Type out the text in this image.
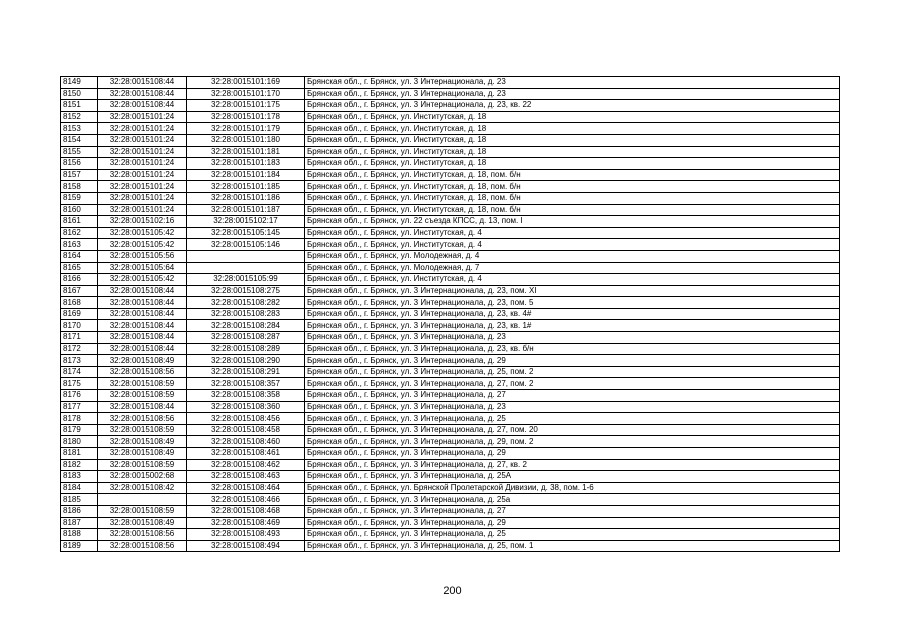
8149	32:28:0015108:44	32:28:0015101:169	Брянская обл., г. Брянск, ул. 3 Интернационала, д. 23
8150	32:28:0015108:44	32:28:0015101:170	Брянская обл., г. Брянск, ул. 3 Интернационала, д. 23
8151	32:28:0015108:44	32:28:0015101:175	Брянская обл., г. Брянск, ул. 3 Интернационала, д. 23, кв. 22
8152	32:28:0015101:24	32:28:0015101:178	Брянская обл., г. Брянск, ул. Институтская, д. 18
8153	32:28:0015101:24	32:28:0015101:179	Брянская обл., г. Брянск, ул. Институтская, д. 18
8154	32:28:0015101:24	32:28:0015101:180	Брянская обл., г. Брянск, ул. Институтская, д. 18
8155	32:28:0015101:24	32:28:0015101:181	Брянская обл., г. Брянск, ул. Институтская, д. 18
8156	32:28:0015101:24	32:28:0015101:183	Брянская обл., г. Брянск, ул. Институтская, д. 18
8157	32:28:0015101:24	32:28:0015101:184	Брянская обл., г. Брянск, ул. Институтская, д. 18, пом. б/н
8158	32:28:0015101:24	32:28:0015101:185	Брянская обл., г. Брянск, ул. Институтская, д. 18, пом. б/н
8159	32:28:0015101:24	32:28:0015101:186	Брянская обл., г. Брянск, ул. Институтская, д. 18, пом. б/н
8160	32:28:0015101:24	32:28:0015101:187	Брянская обл., г. Брянск, ул. Институтская, д. 18, пом. б/н
8161	32:28:0015102:16	32:28:0015102:17	Брянская обл., г. Брянск, ул. 22 съезда КПСС, д. 13, пом. I
8162	32:28:0015105:42	32:28:0015105:145	Брянская обл., г. Брянск, ул. Институтская, д. 4
8163	32:28:0015105:42	32:28:0015105:146	Брянская обл., г. Брянск, ул. Институтская, д. 4
8164	32:28:0015105:56		Брянская обл., г. Брянск, ул. Молодежная, д. 4
8165	32:28:0015105:64		Брянская обл., г. Брянск, ул. Молодежная, д. 7
8166	32:28:0015105:42	32:28:0015105:99	Брянская обл., г. Брянск, ул. Институтская, д. 4
8167	32:28:0015108:44	32:28:0015108:275	Брянская обл., г. Брянск, ул. 3 Интернационала, д. 23, пом. XI
8168	32:28:0015108:44	32:28:0015108:282	Брянская обл., г. Брянск, ул. 3 Интернационала, д. 23, пом. 5
8169	32:28:0015108:44	32:28:0015108:283	Брянская обл., г. Брянск, ул. 3 Интернационала, д. 23, кв. 4#
8170	32:28:0015108:44	32:28:0015108:284	Брянская обл., г. Брянск, ул. 3 Интернационала, д. 23, кв. 1#
8171	32:28:0015108:44	32:28:0015108:287	Брянская обл., г. Брянск, ул. 3 Интернационала, д. 23
8172	32:28:0015108:44	32:28:0015108:289	Брянская обл., г. Брянск, ул. 3 Интернационала, д. 23, кв. б/н
8173	32:28:0015108:49	32:28:0015108:290	Брянская обл., г. Брянск, ул. 3 Интернационала, д. 29
8174	32:28:0015108:56	32:28:0015108:291	Брянская обл., г. Брянск, ул. 3 Интернационала, д. 25, пом. 2
8175	32:28:0015108:59	32:28:0015108:357	Брянская обл., г. Брянск, ул. 3 Интернационала, д. 27, пом. 2
8176	32:28:0015108:59	32:28:0015108:358	Брянская обл., г. Брянск, ул. 3 Интернационала, д. 27
8177	32:28:0015108:44	32:28:0015108:360	Брянская обл., г. Брянск, ул. 3 Интернационала, д. 23
8178	32:28:0015108:56	32:28:0015108:456	Брянская обл., г. Брянск, ул. 3 Интернационала, д. 25
8179	32:28:0015108:59	32:28:0015108:458	Брянская обл., г. Брянск, ул. 3 Интернационала, д. 27, пом. 20
8180	32:28:0015108:49	32:28:0015108:460	Брянская обл., г. Брянск, ул. 3 Интернационала, д. 29, пом. 2
8181	32:28:0015108:49	32:28:0015108:461	Брянская обл., г. Брянск, ул. 3 Интернационала, д. 29
8182	32:28:0015108:59	32:28:0015108:462	Брянская обл., г. Брянск, ул. 3 Интернационала, д. 27, кв. 2
8183	32:28:0015002:68	32:28:0015108:463	Брянская обл., г. Брянск, ул. 3 Интернационала, д. 25А
8184	32:28:0015108:42	32:28:0015108:464	Брянская обл., г. Брянск, ул. Брянской Пролетарской Дивизии, д. 38, пом. 1-6
8185		32:28:0015108:466	Брянская обл., г. Брянск, ул. 3 Интернационала, д. 25а
8186	32:28:0015108:59	32:28:0015108:468	Брянская обл., г. Брянск, ул. 3 Интернационала, д. 27
8187	32:28:0015108:49	32:28:0015108:469	Брянская обл., г. Брянск, ул. 3 Интернационала, д. 29
8188	32:28:0015108:56	32:28:0015108:493	Брянская обл., г. Брянск, ул. 3 Интернационала, д. 25
8189	32:28:0015108:56	32:28:0015108:494	Брянская обл., г. Брянск, ул. 3 Интернационала, д. 25, пом. 1
200
